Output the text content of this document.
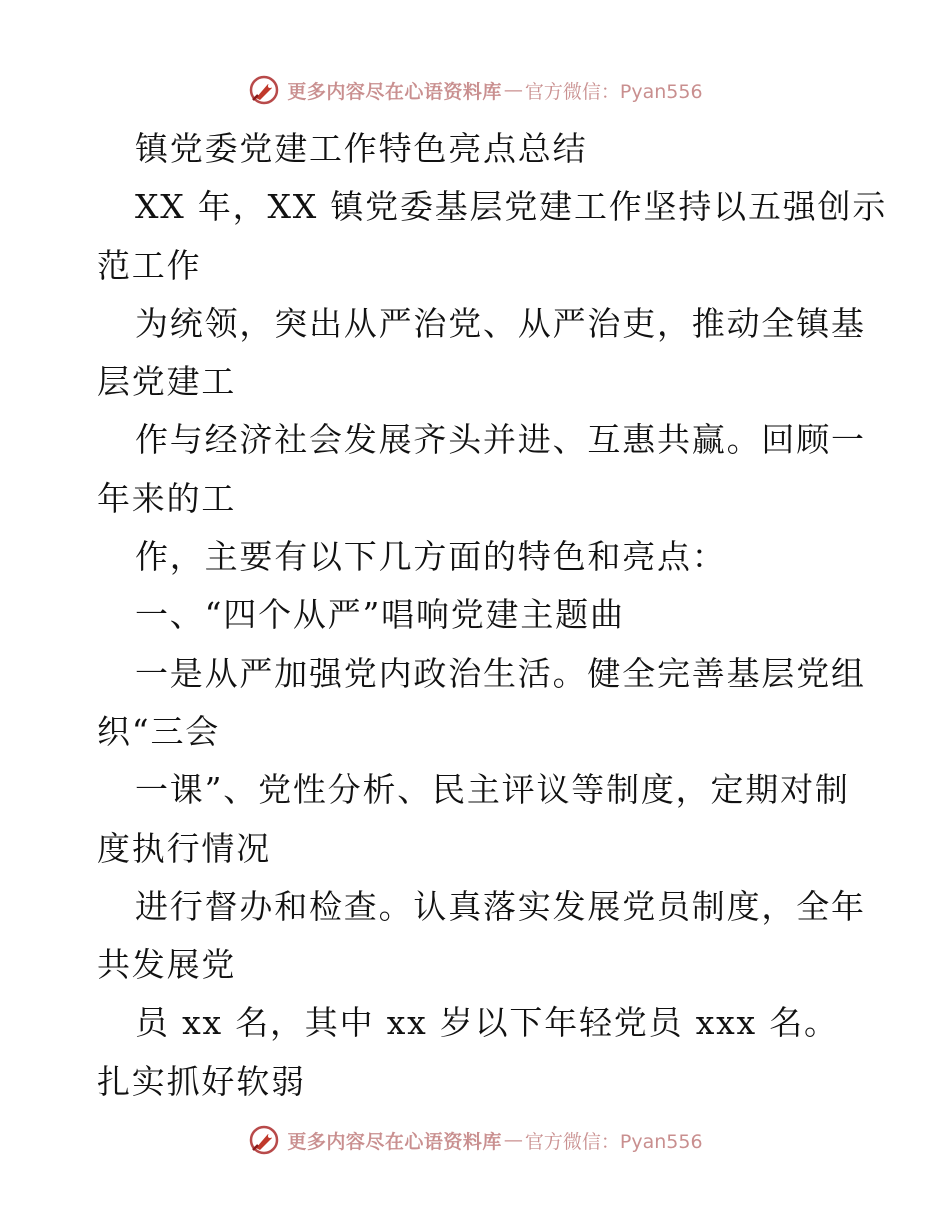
更多内容尽在心语资料库 — 官方微信：Pyan556
镇党委党建工作特色亮点总结
XX 年，XX 镇党委基层党建工作坚持以五强创示
范工作
为统领，突出从严治党、从严治吏，推动全镇基
层党建工
作与经济社会发展齐头并进、互惠共赢。回顾一
年来的工
作，主要有以下几方面的特色和亮点：
一、“四个从严”唱响党建主题曲
一是从严加强党内政治生活。健全完善基层党组
织“三会
一课”、党性分析、民主评议等制度，定期对制
度执行情况
进行督办和检查。认真落实发展党员制度，全年
共发展党
员 xx 名，其中 xx 岁以下年轻党员 xxx 名。
扎实抓好软弱
更多内容尽在心语资料库 — 官方微信：Pyan556
